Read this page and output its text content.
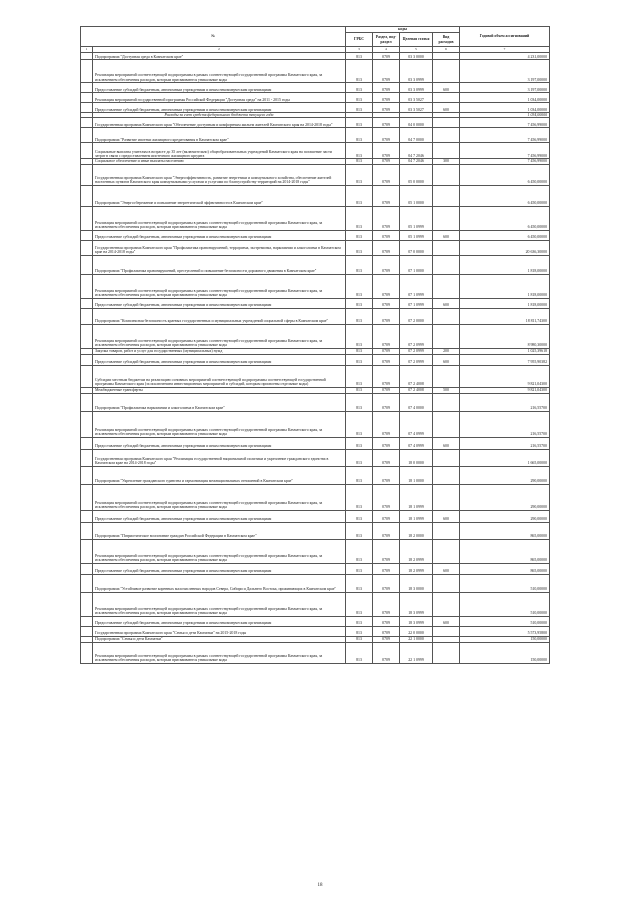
№		коды				Годовой объем ассигнований
		ГРБС	Раздел, под-раздел	Целевая статья	Вид расходов	
1	2	3	4	5	6	7
	Подпрограмма "Доступная среда в Камчатском крае"	813	0709	03 3 0000		4 231,00000
	Реализация мероприятий соответствующей подпрограммы в рамках соответствующей государственной программы Камчатского края, за исключением обеспечения расходов, которым присваиваются уникальные коды	813	0709	03 3 0999		3 197,00000
	Предоставление субсидий бюджетным, автономным учреждениям и иным некоммерческим организациям	813	0709	03 3 0999	600	3 197,00000
	Реализация мероприятий государственной программы Российской Федерации "Доступная среда" на 2011 - 2015 годы	813	0709	03 3 5027		1 034,00000
	Предоставление субсидий бюджетным, автономным учреждениям и иным некоммерческим организациям	813	0709	03 3 5027	600	1 034,00000
	Расходы за счет средств федерального бюджета текущего года					1 034,00000
	Государственная программа Камчатского края "Обеспечение доступным и комфортным жильем жителей Камчатского края на 2014-2018 годы"	813	0709	04 0 0000		7 456,99000
	Подпрограмма "Развитие ипотеки жилищного кредитования в Камчатском крае"	813	0709	04 7 0000		7 456,99000
	Социальные выплаты учителям в возрасте до 35 лет (включительно) общеобразовательных учреждений Камчатского края на погашение части затрат в связи с предоставлением ипотечного жилищного кредита	813	0709	04 7 2046		7 456,99000
	Социальное обеспечение и иные выплаты населению	813	0709	04 7 2046	300	7 456,99000
	Государственная программа Камчатского края "Энергоэффективность, развитие энергетики и коммунального хозяйства, обеспечение жителей населенных пунктов Камчатского края коммунальными услугами и услугами по благоустройству территорий на 2014-2018 годы"	813	0709	05 0 0000		6 450,00000
	Подпрограмма "Энергосбережение и повышение энергетической эффективности в Камчатском крае"	813	0709	05 1 0000		6 450,00000
	Реализация мероприятий соответствующей подпрограммы в рамках соответствующей государственной программы Камчатского края, за исключением обеспечения расходов, которым присваиваются уникальные коды	813	0709	05 1 0999		6 450,00000
	Предоставление субсидий бюджетным, автономным учреждениям и иным некоммерческим организациям	813	0709	05 1 0999	600	6 450,00000
	Государственная программа Камчатского края "Профилактика правонарушений, терроризма, экстремизма, наркомании и алкоголизма в Камчатском крае на 2014-2018 годы"	813	0709	07 0 0000		20 636,30000
	Подпрограмма "Профилактика правонарушений, преступлений и повышение безопасности дорожного движения в Камчатском крае"	813	0709	07 1 0000		1 818,00000
	Реализация мероприятий соответствующей подпрограммы в рамках соответствующей государственной программы Камчатского края, за исключением обеспечения расходов, которым присваиваются уникальные коды	813	0709	07 1 0999		1 818,00000
	Предоставление субсидий бюджетным, автономным учреждениям и иным некоммерческим организациям	813	0709	07 1 0999	600	1 818,00000
	Подпрограмма "Комплексная безопасность краевых государственных и муниципальных учреждений социальной сферы в Камчатском крае"	813	0709	07 2 0000		18 811,74300
	Реализация мероприятий соответствующей подпрограммы в рамках соответствующей государственной программы Камчатского края, за исключением обеспечения расходов, которым присваиваются уникальные коды	813	0709	07 2 0999		8 980,30000
	Закупка товаров, работ и услуг для государственных (муниципальных) нужд	813	0709	07 2 0999	200	1 025,39618
	Предоставление субсидий бюджетным, автономным учреждениям и иным некоммерческим организациям	813	0709	07 2 0999	600	7 955,90382
	Субсидии местным бюджетам на реализацию основных мероприятий соответствующей подпрограммы соответствующей государственной программы Камчатского края (за исключением инвестиционных мероприятий и субсидий, которым присвоены отдельные коды)	813	0709	07 2 4008		9 821,04300
	Межбюджетные трансферты	813	0709	07 2 4008	500	9 821,04300
	Подпрограмма "Профилактика наркомании и алкоголизма в Камчатском крае"	813	0709	07 4 0000		216,55700
	Реализация мероприятий соответствующей подпрограммы в рамках соответствующей государственной программы Камчатского края, за исключением обеспечения расходов, которым присваиваются уникальные коды	813	0709	07 4 0999		216,55700
	Предоставление субсидий бюджетным, автономным учреждениям и иным некоммерческим организациям	813	0709	07 4 0999	600	216,55700
	Государственная программа Камчатского края "Реализация государственной национальной политики и укрепление гражданского единства в Камчатском крае на 2014-2018 годы"	813	0709	18 0 0000		1 665,00000
	Подпрограмма "Укрепление гражданского единства и гармонизация межнациональных отношений в Камчатском крае"	813	0709	18 1 0000		290,00000
	Реализация мероприятий соответствующей подпрограммы в рамках соответствующей государственной программы Камчатского края, за исключением обеспечения расходов, которым присваиваются уникальные коды	813	0709	18 1 0999		290,00000
	Предоставление субсидий бюджетным, автономным учреждениям и иным некоммерческим организациям	813	0709	18 1 0999	600	290,00000
	Подпрограмма "Патриотическое воспитание граждан Российской Федерации в Камчатском крае"	813	0709	18 2 0000		865,00000
	Реализация мероприятий соответствующей подпрограммы в рамках соответствующей государственной программы Камчатского края, за исключением обеспечения расходов, которым присваиваются уникальные коды	813	0709	18 2 0999		865,00000
	Предоставление субсидий бюджетным, автономным учреждениям и иным некоммерческим организациям	813	0709	18 2 0999	600	865,00000
	Подпрограмма "Устойчивое развитие коренных малочисленных народов Севера, Сибири и Дальнего Востока, проживающих в Камчатском крае"	813	0709	18 3 0000		510,00000
	Реализация мероприятий соответствующей подпрограммы в рамках соответствующей государственной программы Камчатского края, за исключением обеспечения расходов, которым присваиваются уникальные коды	813	0709	18 3 0999		510,00000
	Предоставление субсидий бюджетным, автономным учреждениям и иным некоммерческим организациям	813	0709	18 3 0999	600	510,00000
	Государственная программа Камчатского края "Семья и дети Камчатки" на 2015-2018 годы	813	0709	22 0 0000		5 573,95800
	Подпрограмма "Семья и дети Камчатки"	813	0709	22 1 0000		150,00000
	Реализация мероприятий соответствующей подпрограммы в рамках соответствующей государственной программы Камчатского края, за исключением обеспечения расходов, которым присваиваются уникальные коды	813	0709	22 1 0999		150,00000
18
